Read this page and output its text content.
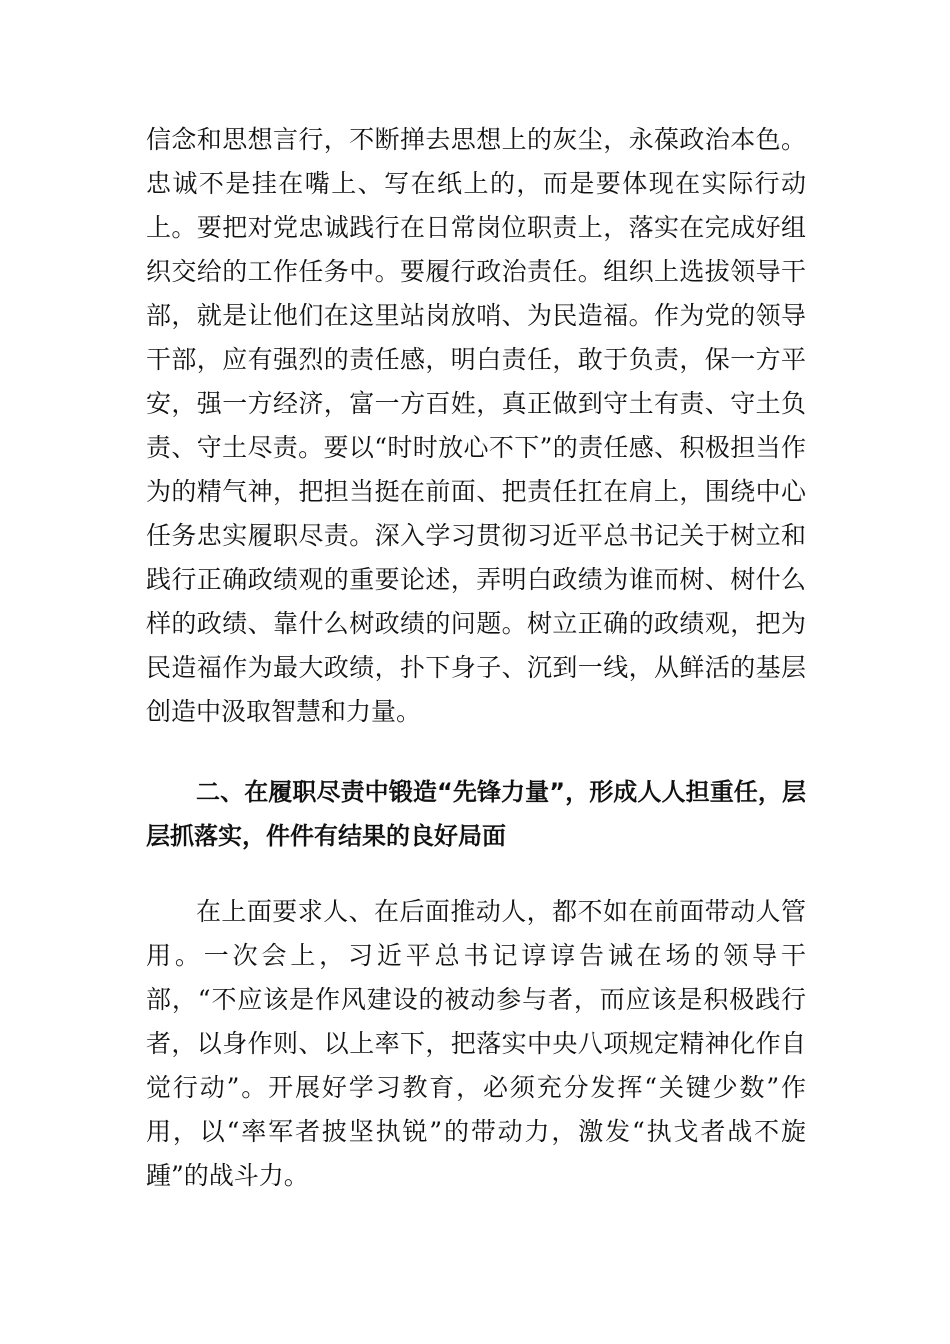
信念和思想言行，不断掸去思想上的灰尘，永葆政治本色。忠诚不是挂在嘴上、写在纸上的，而是要体现在实际行动上。要把对党忠诚践行在日常岗位职责上，落实在完成好组织交给的工作任务中。要履行政治责任。组织上选拔领导干部，就是让他们在这里站岗放哨、为民造福。作为党的领导干部，应有强烈的责任感，明白责任，敢于负责，保一方平安，强一方经济，富一方百姓，真正做到守土有责、守土负责、守土尽责。要以“时时放心不下”的责任感、积极担当作为的精气神，把担当挺在前面、把责任扛在肩上，围绕中心任务忠实履职尽责。深入学习贯彻习近平总书记关于树立和践行正确政绩观的重要论述，弄明白政绩为谁而树、树什么样的政绩、靠什么树政绩的问题。树立正确的政绩观，把为民造福作为最大政绩，扑下身子、沉到一线，从鲜活的基层创造中汲取智慧和力量。

二、在履职尽责中锻造“先锋力量”，形成人人担重任，层层抓落实，件件有结果的良好局面

在上面要求人、在后面推动人，都不如在前面带动人管用。一次会上，习近平总书记谆谆告诫在场的领导干部，“不应该是作风建设的被动参与者，而应该是积极践行者，以身作则、以上率下，把落实中央八项规定精神化作自觉行动”。开展好学习教育，必须充分发挥“关键少数”作用，以“率军者披坚执锐”的带动力，激发“执戈者战不旋踵”的战斗力。
